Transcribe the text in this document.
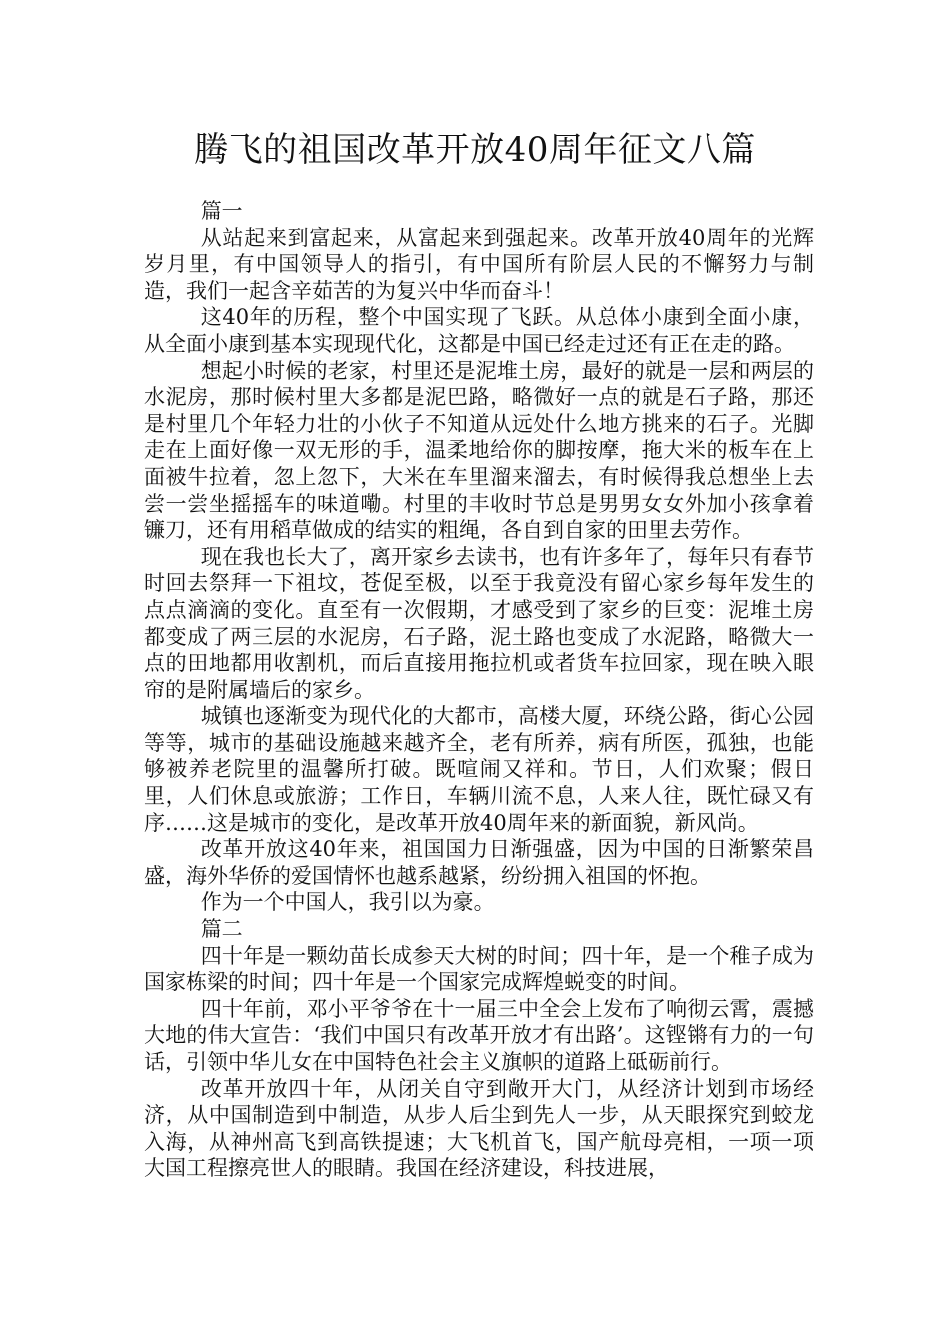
腾飞的祖国改革开放40周年征文八篇

篇一

从站起来到富起来，从富起来到强起来。改革开放40周年的光辉岁月里，有中国领导人的指引，有中国所有阶层人民的不懈努力与制造，我们一起含辛茹苦的为复兴中华而奋斗！

这40年的历程，整个中国实现了飞跃。从总体小康到全面小康，从全面小康到基本实现现代化，这都是中国已经走过还有正在走的路。

想起小时候的老家，村里还是泥堆土房，最好的就是一层和两层的水泥房，那时候村里大多都是泥巴路，略微好一点的就是石子路，那还是村里几个年轻力壮的小伙子不知道从远处什么地方挑来的石子。光脚走在上面好像一双无形的手，温柔地给你的脚按摩，拖大米的板车在上面被牛拉着，忽上忽下，大米在车里溜来溜去，有时候得我总想坐上去尝一尝坐摇摇车的味道嘞。村里的丰收时节总是男男女女外加小孩拿着镰刀，还有用稻草做成的结实的粗绳，各自到自家的田里去劳作。

现在我也长大了，离开家乡去读书，也有许多年了，每年只有春节时回去祭拜一下祖坟，苍促至极，以至于我竟没有留心家乡每年发生的点点滴滴的变化。直至有一次假期，才感受到了家乡的巨变：泥堆土房都变成了两三层的水泥房，石子路，泥土路也变成了水泥路，略微大一点的田地都用收割机，而后直接用拖拉机或者货车拉回家，现在映入眼帘的是附属墙后的家乡。

城镇也逐渐变为现代化的大都市，高楼大厦，环绕公路，街心公园等等，城市的基础设施越来越齐全，老有所养，病有所医，孤独，也能够被养老院里的温馨所打破。既喧闹又祥和。节日，人们欢聚；假日里，人们休息或旅游；工作日，车辆川流不息，人来人往，既忙碌又有序……这是城市的变化，是改革开放40周年来的新面貌，新风尚。

改革开放这40年来，祖国国力日渐强盛，因为中国的日渐繁荣昌盛，海外华侨的爱国情怀也越系越紧，纷纷拥入祖国的怀抱。

作为一个中国人，我引以为豪。

篇二

四十年是一颗幼苗长成参天大树的时间；四十年，是一个稚子成为国家栋梁的时间；四十年是一个国家完成辉煌蜕变的时间。

四十年前，邓小平爷爷在十一届三中全会上发布了响彻云霄，震撼大地的伟大宣告：‘我们中国只有改革开放才有出路’。这铿锵有力的一句话，引领中华儿女在中国特色社会主义旗帜的道路上砥砺前行。

改革开放四十年，从闭关自守到敞开大门，从经济计划到市场经济，从中国制造到中制造，从步人后尘到先人一步，从天眼探究到蛟龙入海，从神州高飞到高铁提速；大飞机首飞，国产航母亮相，一项一项大国工程擦亮世人的眼睛。我国在经济建设，科技进展，
